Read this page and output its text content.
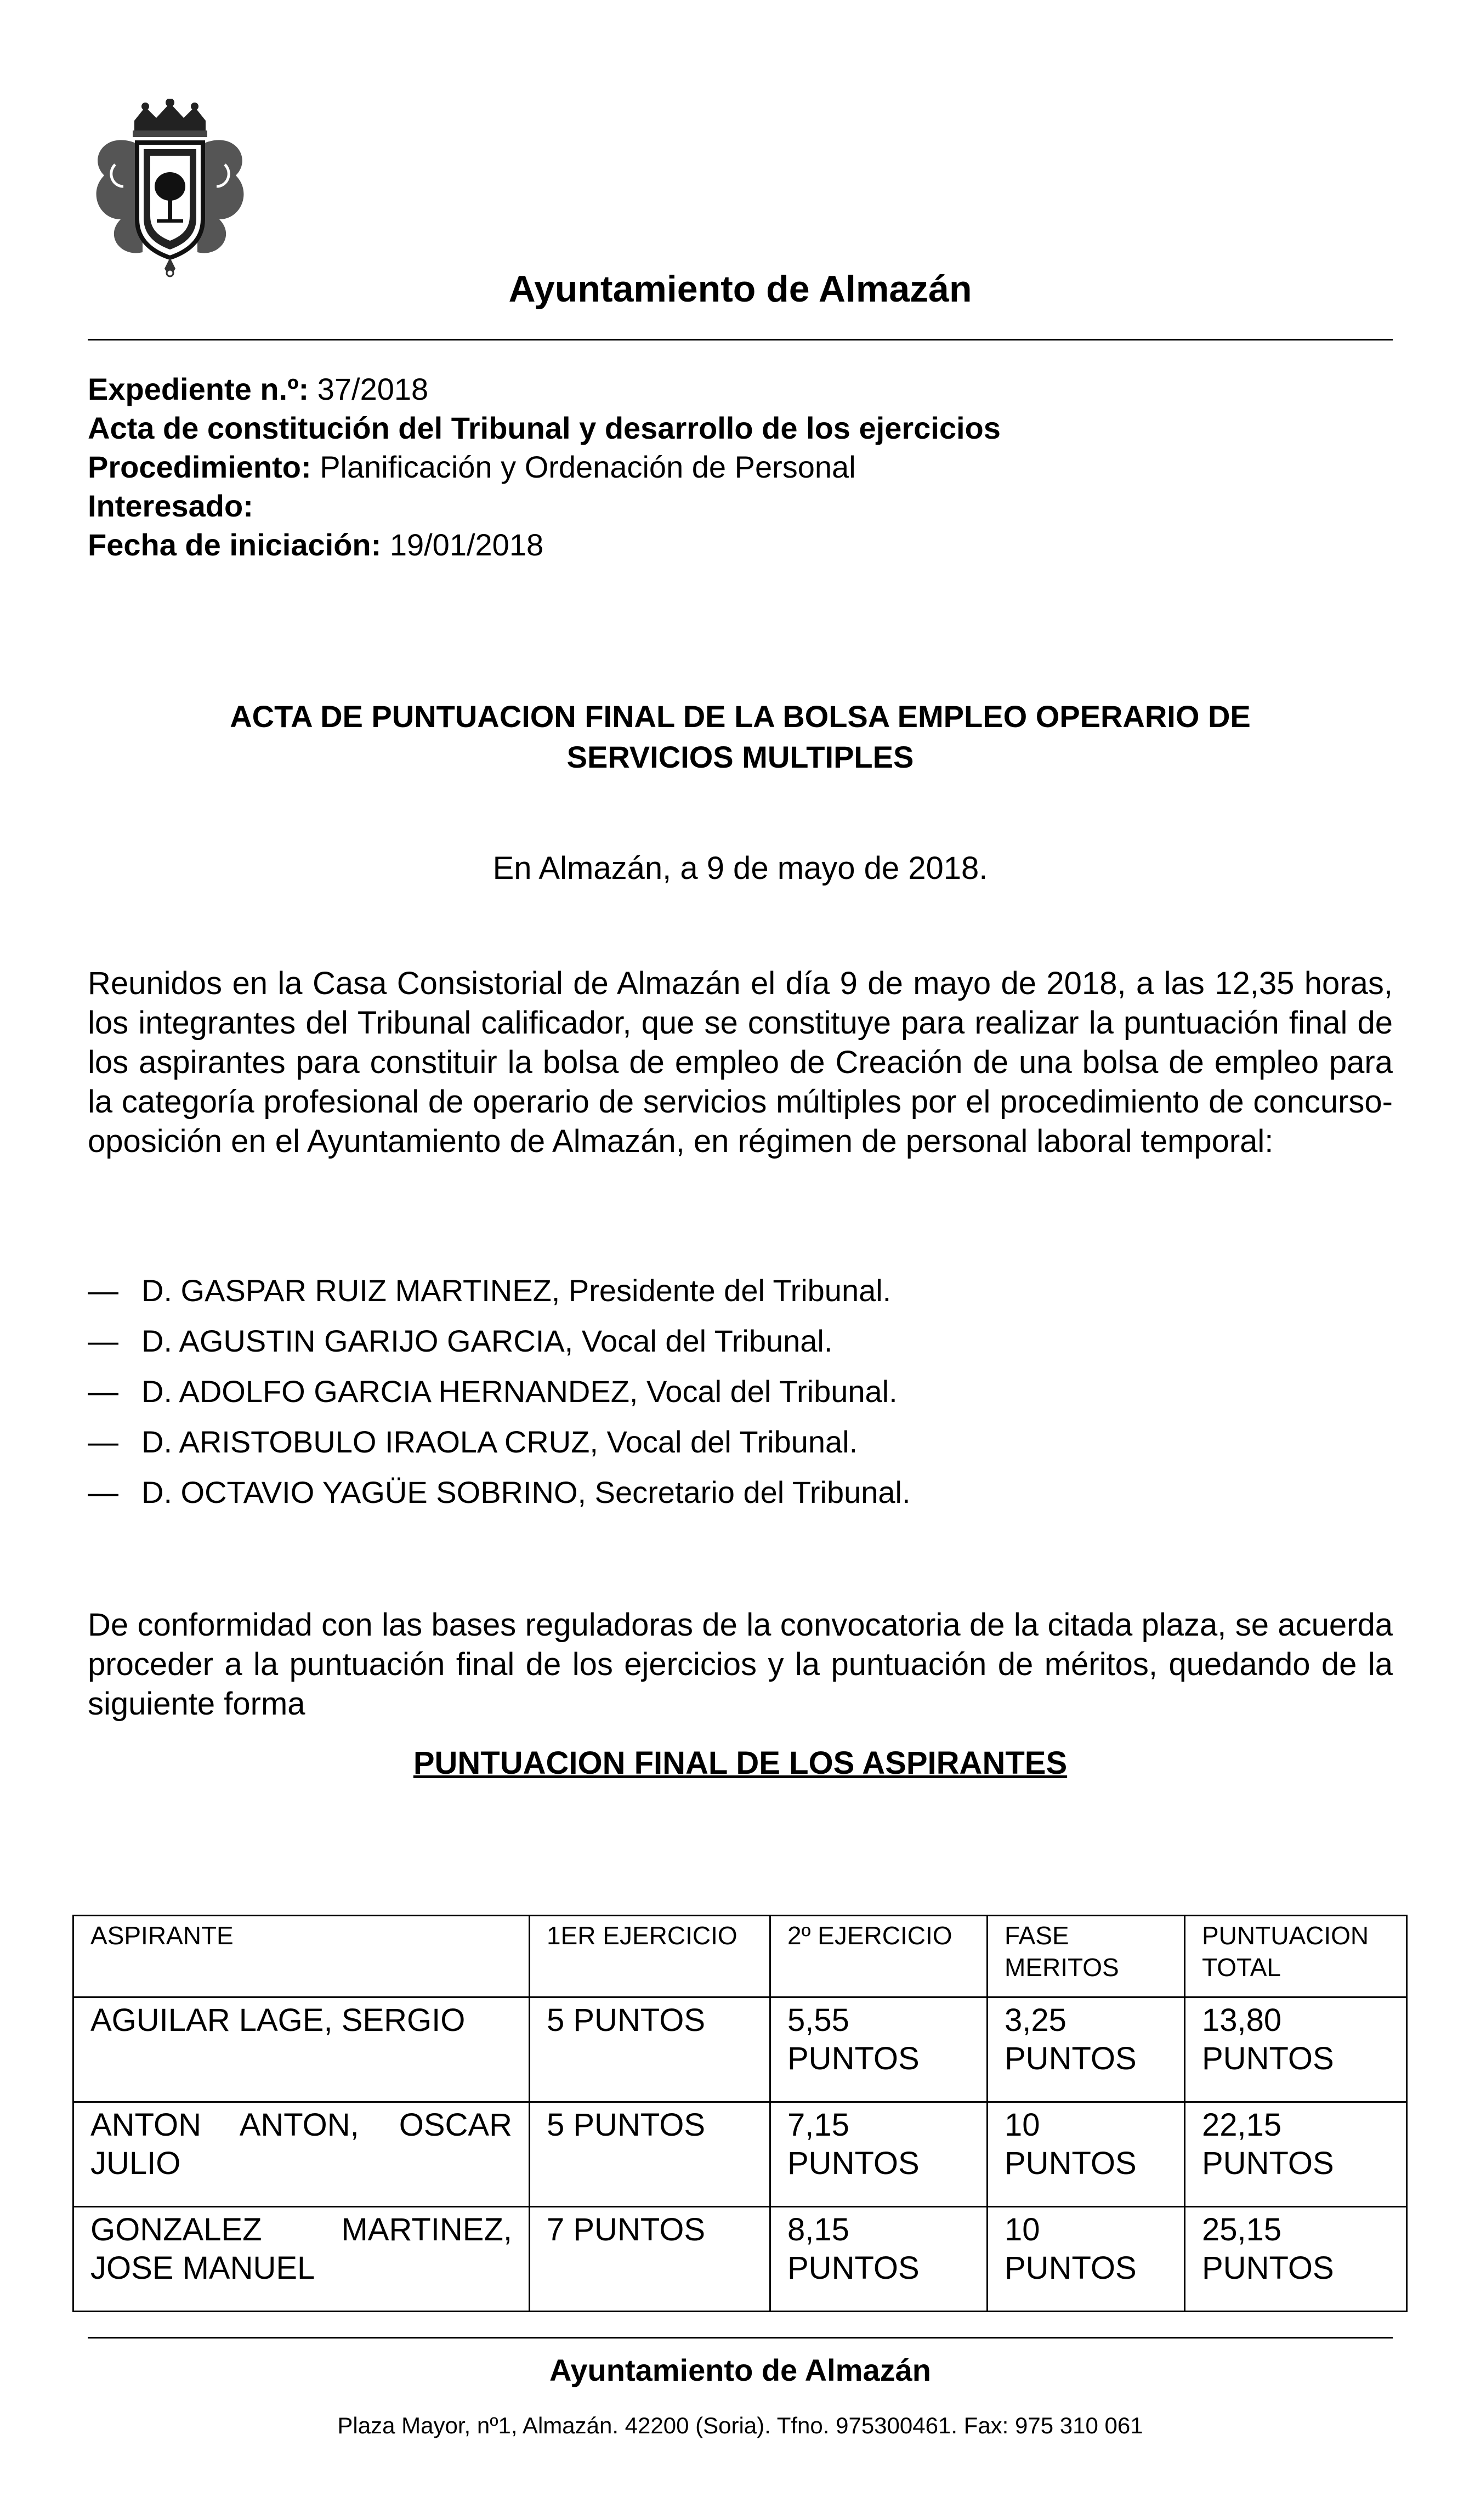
Ayuntamiento de Almazán
Expediente n.º: 37/2018
Acta de constitución del Tribunal y desarrollo de los ejercicios
Procedimiento: Planificación y Ordenación de Personal
Interesado:
Fecha de iniciación: 19/01/2018
ACTA DE PUNTUACION FINAL DE LA BOLSA EMPLEO OPERARIO DE
SERVICIOS MULTIPLES
En Almazán, a 9 de mayo de 2018.
Reunidos en la Casa Consistorial de Almazán el día 9 de mayo de 2018, a las 12,35 horas, los integrantes del Tribunal calificador, que se constituye para realizar la puntuación final de los aspirantes para constituir la bolsa de empleo de Creación de una bolsa de empleo para la categoría profesional de operario de servicios múltiples por el procedimiento de concurso-oposición en el Ayuntamiento de Almazán, en régimen de personal laboral temporal:
— D. GASPAR RUIZ MARTINEZ, Presidente del Tribunal.
— D. AGUSTIN GARIJO GARCIA, Vocal del Tribunal.
— D. ADOLFO GARCIA HERNANDEZ, Vocal del Tribunal.
— D. ARISTOBULO IRAOLA CRUZ, Vocal del Tribunal.
— D. OCTAVIO YAGÜE SOBRINO, Secretario del Tribunal.
De conformidad con las bases reguladoras de la convocatoria de la citada plaza, se acuerda proceder a la puntuación final de los ejercicios y la puntuación de méritos, quedando de la siguiente forma
PUNTUACION FINAL DE LOS ASPIRANTES
ASPIRANTE	1ER EJERCICIO	2º EJERCICIO	FASE MERITOS	PUNTUACION TOTAL
AGUILAR LAGE, SERGIO	5 PUNTOS	5,55 PUNTOS	3,25 PUNTOS	13,80 PUNTOS
ANTON ANTON, OSCAR JULIO	5 PUNTOS	7,15 PUNTOS	10 PUNTOS	22,15 PUNTOS
GONZALEZ MARTINEZ, JOSE MANUEL	7 PUNTOS	8,15 PUNTOS	10 PUNTOS	25,15 PUNTOS
Ayuntamiento de Almazán
Plaza Mayor, nº1, Almazán. 42200 (Soria). Tfno. 975300461. Fax: 975 310 061
